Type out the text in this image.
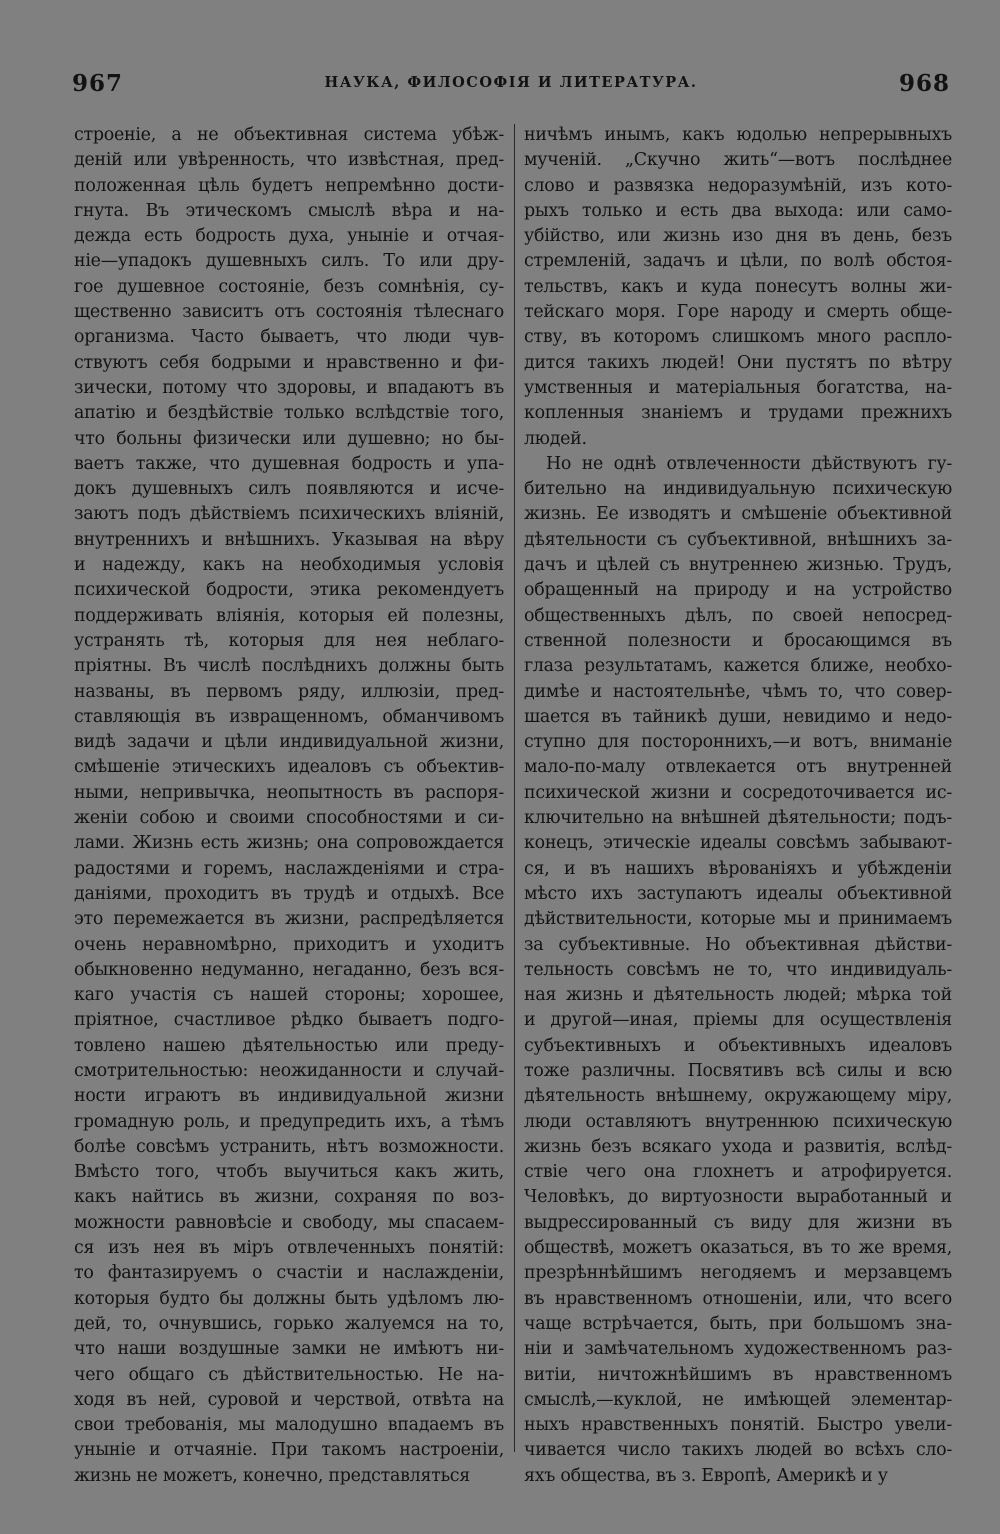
967	НАУКА, ФИЛОСОФІЯ И ЛИТЕРАТУРА.	968
строеніе, а не объективная система убѣж-
деній или увѣренность, что извѣстная, пред-
положенная цѣль будетъ непремѣнно дости-
гнута. Въ этическомъ смыслѣ вѣра и на-
дежда есть бодрость духа, уныніе и отчая-
ніе—упадокъ душевныхъ силъ. То или дру-
гое душевное состояніе, безъ сомнѣнія, су-
щественно зависитъ отъ состоянія тѣлеснаго
организма. Часто бываетъ, что люди чув-
ствуютъ себя бодрыми и нравственно и фи-
зически, потому что здоровы, и впадаютъ въ
апатію и бездѣйствіе только вслѣдствіе того,
что больны физически или душевно; но бы-
ваетъ также, что душевная бодрость и упа-
докъ душевныхъ силъ появляются и исче-
заютъ подъ дѣйствіемъ психическихъ вліяній,
внутреннихъ и внѣшнихъ. Указывая на вѣру
и надежду, какъ на необходимыя условія
психической бодрости, этика рекомендуетъ
поддерживать вліянія, которыя ей полезны,
устранять тѣ, которыя для нея неблаго-
пріятны. Въ числѣ послѣднихъ должны быть
названы, въ первомъ ряду, иллюзіи, пред-
ставляющія въ извращенномъ, обманчивомъ
видѣ задачи и цѣли индивидуальной жизни,
смѣшеніе этическихъ идеаловъ съ объектив-
ными, непривычка, неопытность въ распоря-
женіи собою и своими способностями и си-
лами. Жизнь есть жизнь; она сопровождается
радостями и горемъ, наслажденіями и стра-
даніями, проходитъ въ трудѣ и отдыхѣ. Все
это перемежается въ жизни, распредѣляется
очень неравномѣрно, приходитъ и уходитъ
обыкновенно недуманно, негаданно, безъ вся-
каго участія съ нашей стороны; хорошее,
пріятное, счастливое рѣдко бываетъ подго-
товлено нашею дѣятельностью или преду-
смотрительностью: неожиданности и случай-
ности играютъ въ индивидуальной жизни
громадную роль, и предупредить ихъ, а тѣмъ
болѣе совсѣмъ устранить, нѣтъ возможности.
Вмѣсто того, чтобъ выучиться какъ жить,
какъ найтись въ жизни, сохраняя по воз-
можности равновѣсіе и свободу, мы спасаем-
ся изъ нея въ міръ отвлеченныхъ понятій:
то фантазируемъ о счастіи и наслажденіи,
которыя будто бы должны быть удѣломъ лю-
дей, то, очнувшись, горько жалуемся на то,
что наши воздушные замки не имѣютъ ни-
чего общаго съ дѣйствительностью. Не на-
ходя въ ней, суровой и черствой, отвѣта на
свои требованія, мы малодушно впадаемъ въ
уныніе и отчаяніе. При такомъ настроеніи,
жизнь не можетъ, конечно, представляться
ничѣмъ инымъ, какъ юдолью непрерывныхъ
мученій. „Скучно жить“—вотъ послѣднее
слово и развязка недоразумѣній, изъ кото-
рыхъ только и есть два выхода: или само-
убійство, или жизнь изо дня въ день, безъ
стремленій, задачъ и цѣли, по волѣ обстоя-
тельствъ, какъ и куда понесутъ волны жи-
тейскаго моря. Горе народу и смерть обще-
ству, въ которомъ слишкомъ много распло-
дится такихъ людей! Они пустятъ по вѣтру
умственныя и матеріальныя богатства, на-
копленныя знаніемъ и трудами прежнихъ
людей.
Но не однѣ отвлеченности дѣйствуютъ гу-
бительно на индивидуальную психическую
жизнь. Ее изводятъ и смѣшеніе объективной
дѣятельности съ субъективной, внѣшнихъ за-
дачъ и цѣлей съ внутреннею жизнью. Трудъ,
обращенный на природу и на устройство
общественныхъ дѣлъ, по своей непосред-
ственной полезности и бросающимся въ
глаза результатамъ, кажется ближе, необхо-
димѣе и настоятельнѣе, чѣмъ то, что совер-
шается въ тайникѣ души, невидимо и недо-
ступно для постороннихъ,—и вотъ, вниманіе
мало-по-малу отвлекается отъ внутренней
психической жизни и сосредоточивается ис-
ключительно на внѣшней дѣятельности; подъ-
конецъ, этическіе идеалы совсѣмъ забывают-
ся, и въ нашихъ вѣрованіяхъ и убѣжденіи
мѣсто ихъ заступаютъ идеалы объективной
дѣйствительности, которые мы и принимаемъ
за субъективные. Но объективная дѣйстви-
тельность совсѣмъ не то, что индивидуаль-
ная жизнь и дѣятельность людей; мѣрка той
и другой—иная, пріемы для осуществленія
субъективныхъ и объективныхъ идеаловъ
тоже различны. Посвятивъ всѣ силы и всю
дѣятельность внѣшнему, окружающему міру,
люди оставляютъ внутреннюю психическую
жизнь безъ всякаго ухода и развитія, вслѣд-
ствіе чего она глохнетъ и атрофируется.
Человѣкъ, до виртуозности выработанный и
выдрессированный съ виду для жизни въ
обществѣ, можетъ оказаться, въ то же время,
презрѣннѣйшимъ негодяемъ и мерзавцемъ
въ нравственномъ отношеніи, или, что всего
чаще встрѣчается, быть, при большомъ зна-
ніи и замѣчательномъ художественномъ раз-
витіи, ничтожнѣйшимъ въ нравственномъ
смыслѣ,—куклой, не имѣющей элементар-
ныхъ нравственныхъ понятій. Быстро увели-
чивается число такихъ людей во всѣхъ сло-
яхъ общества, въ з. Европѣ, Америкѣ и у
